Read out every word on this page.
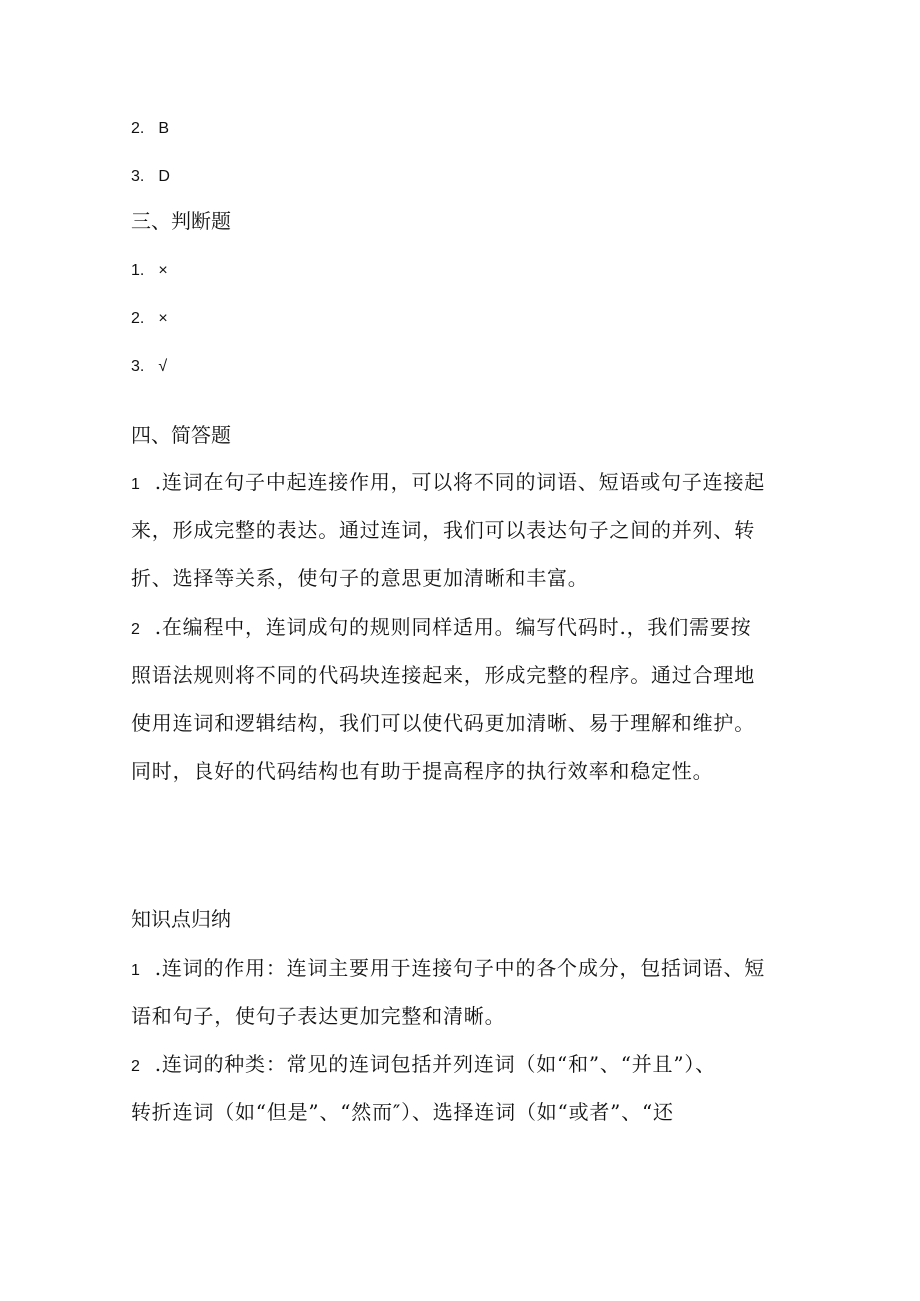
2. B
3. D
三、判断题
1. ×
2. ×
3. √
四、简答题
1 .连词在句子中起连接作用，可以将不同的词语、短语或句子连接起
来，形成完整的表达。通过连词，我们可以表达句子之间的并列、转
折、选择等关系，使句子的意思更加清晰和丰富。
2 .在编程中，连词成句的规则同样适用。编写代码时.，我们需要按
照语法规则将不同的代码块连接起来，形成完整的程序。通过合理地
使用连词和逻辑结构，我们可以使代码更加清晰、易于理解和维护。
同时，良好的代码结构也有助于提高程序的执行效率和稳定性。
知识点归纳
1 .连词的作用：连词主要用于连接句子中的各个成分，包括词语、短
语和句子，使句子表达更加完整和清晰。
2 .连词的种类：常见的连词包括并列连词（如“和”、“并且”）、
转折连词（如“但是”、“然而″）、选择连词（如“或者”、“还
